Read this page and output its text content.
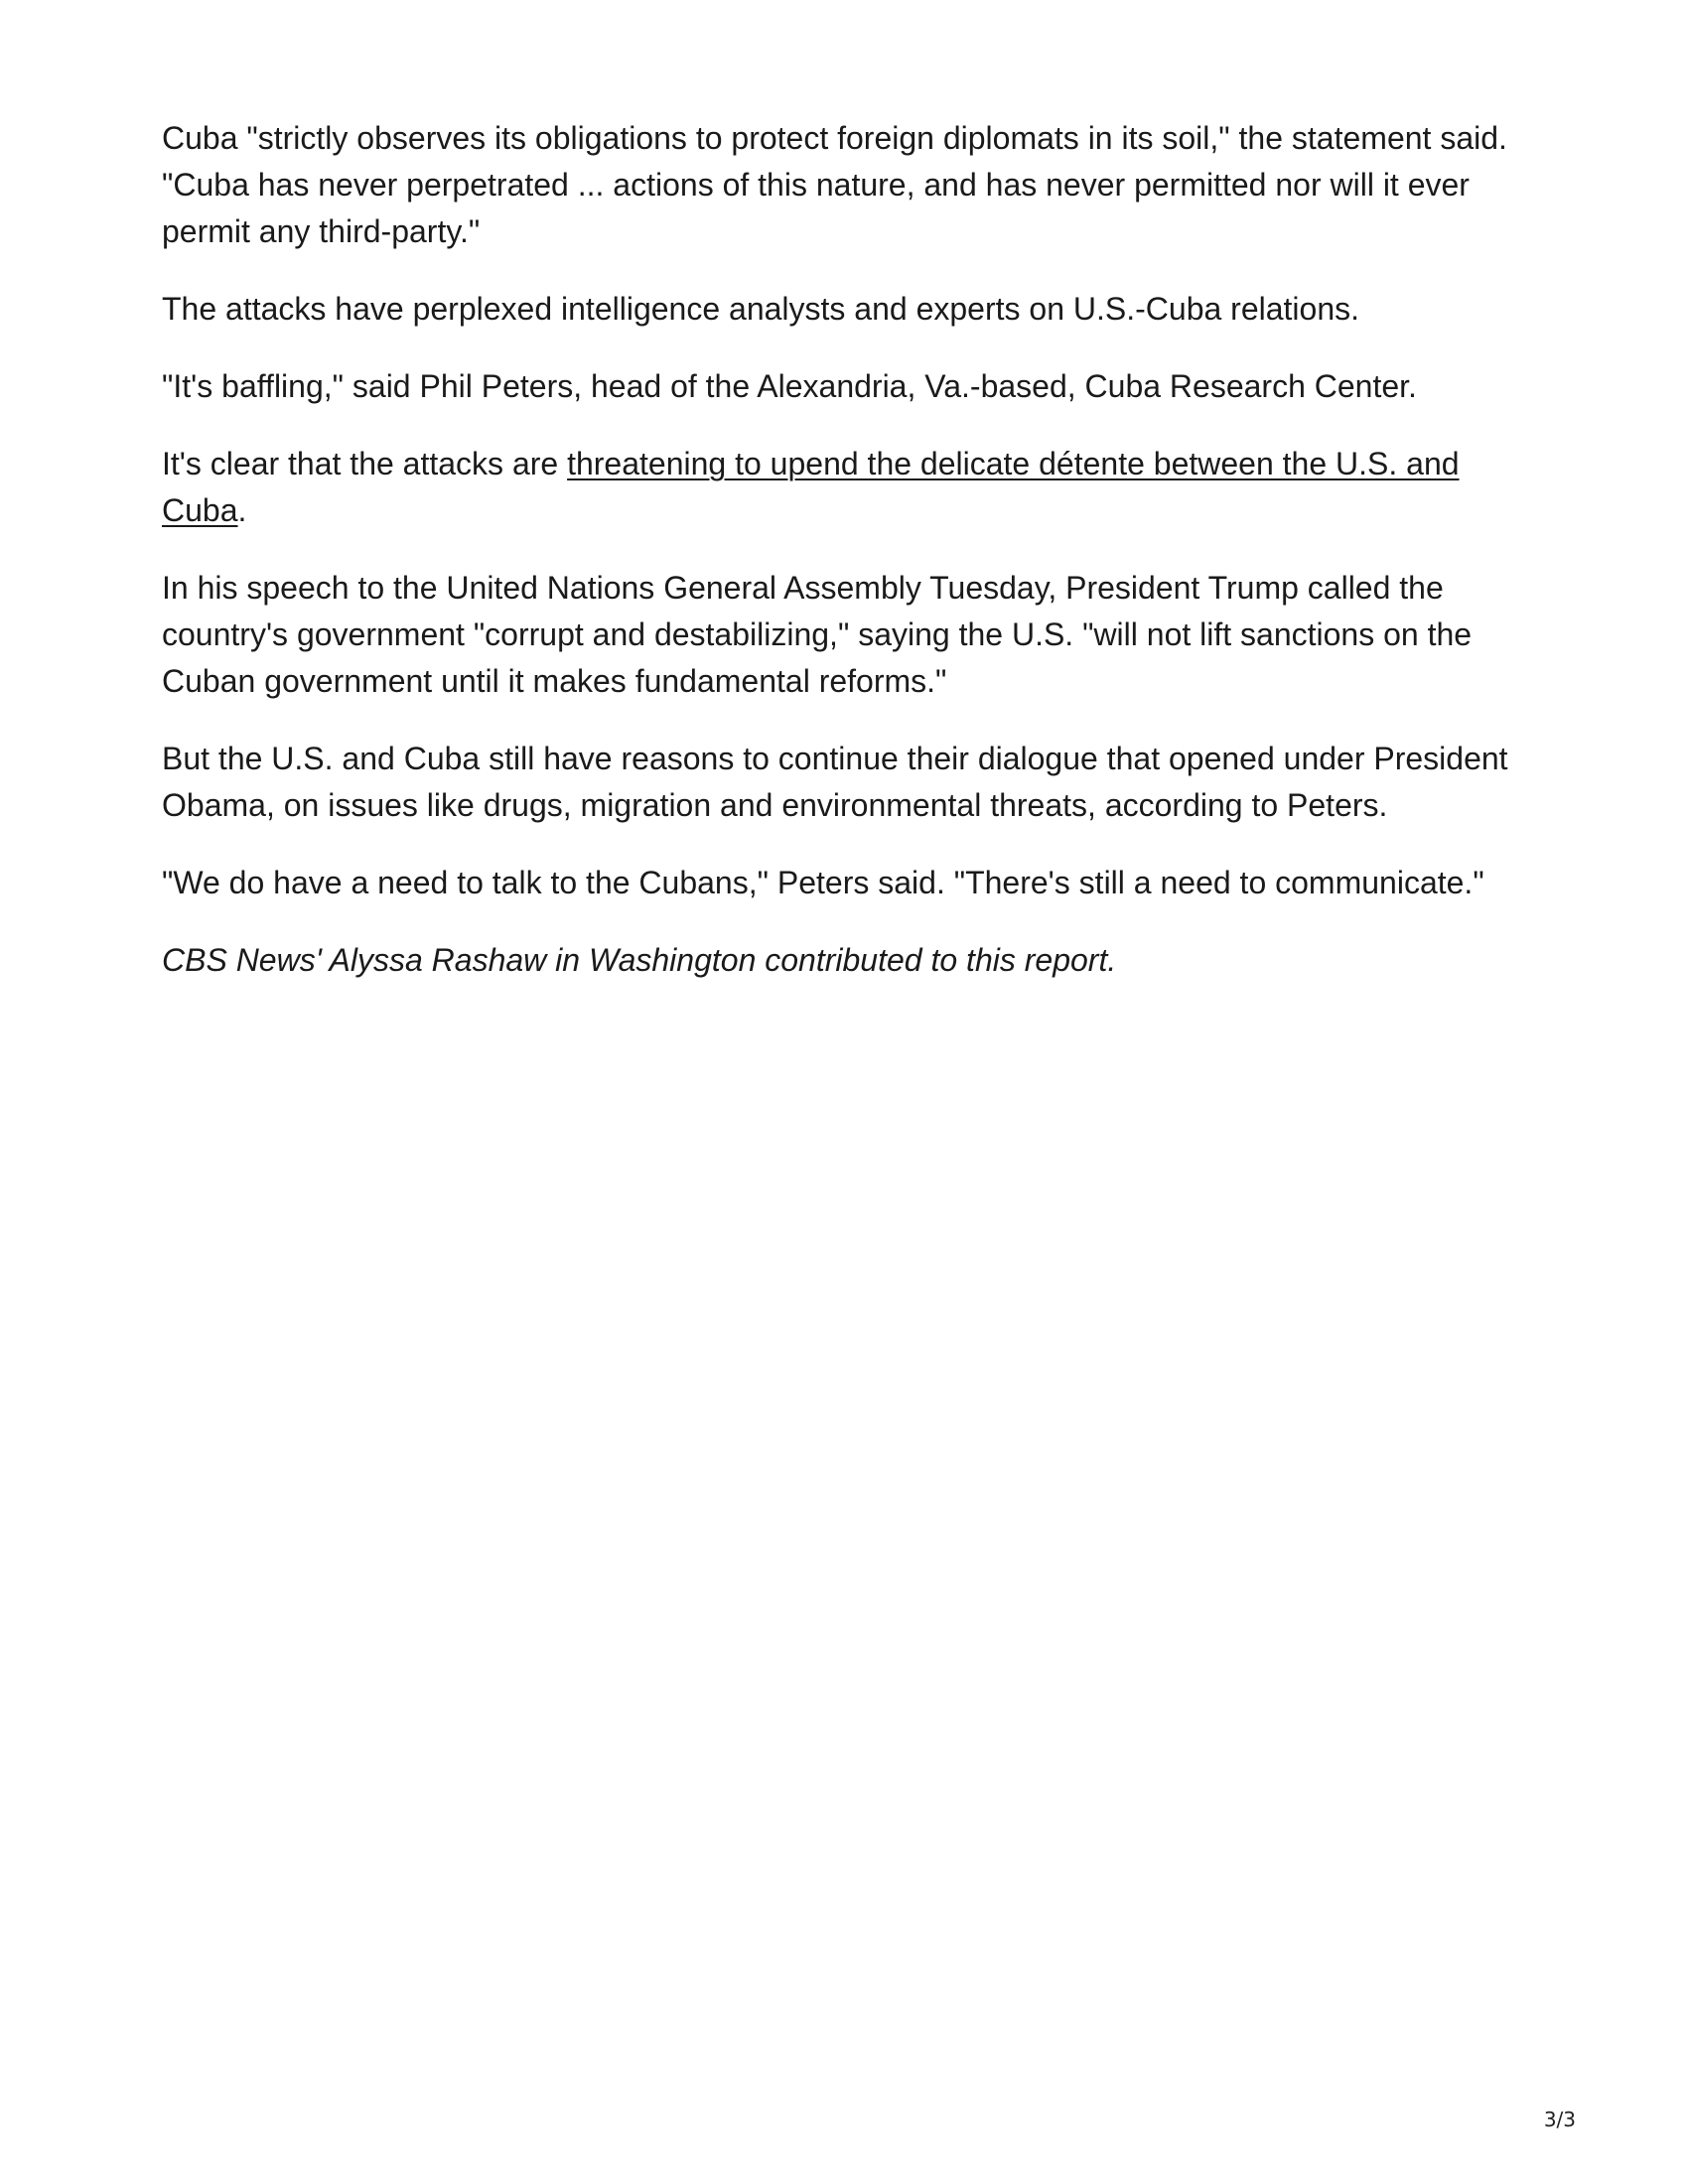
Cuba "strictly observes its obligations to protect foreign diplomats in its soil," the statement said. "Cuba has never perpetrated ... actions of this nature, and has never permitted nor will it ever permit any third-party."

The attacks have perplexed intelligence analysts and experts on U.S.-Cuba relations.

"It's baffling," said Phil Peters, head of the Alexandria, Va.-based, Cuba Research Center.

It's clear that the attacks are threatening to upend the delicate détente between the U.S. and Cuba.

In his speech to the United Nations General Assembly Tuesday, President Trump called the country's government "corrupt and destabilizing," saying the U.S. "will not lift sanctions on the Cuban government until it makes fundamental reforms."

But the U.S. and Cuba still have reasons to continue their dialogue that opened under President Obama, on issues like drugs, migration and environmental threats, according to Peters.

"We do have a need to talk to the Cubans," Peters said. "There's still a need to communicate."

CBS News' Alyssa Rashaw in Washington contributed to this report.

3/3
